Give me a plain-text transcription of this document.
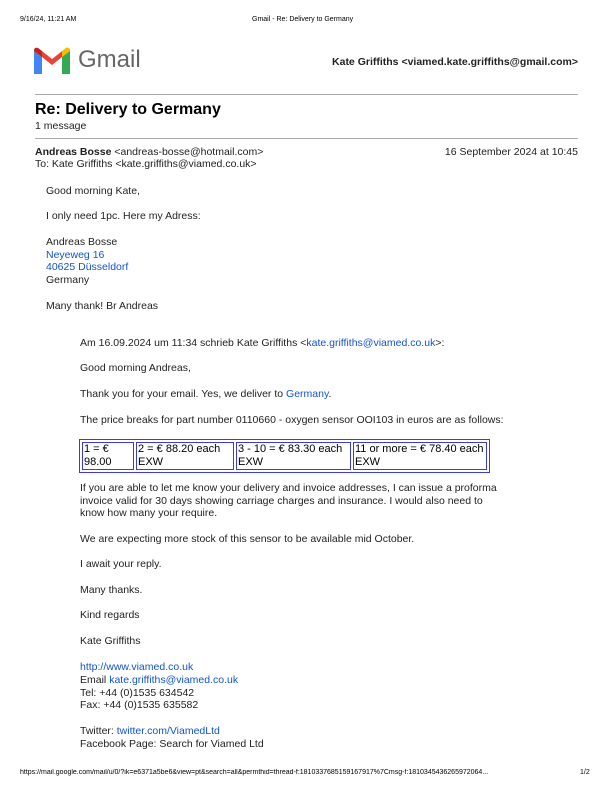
9/16/24, 11:21 AM	Gmail - Re: Delivery to Germany
Gmail	Kate Griffiths <viamed.kate.griffiths@gmail.com>
Re: Delivery to Germany
1 message
Andreas Bosse <andreas-bosse@hotmail.com>	16 September 2024 at 10:45
To: Kate Griffiths <kate.griffiths@viamed.co.uk>
Good morning Kate,
I only need 1pc. Here my Adress:
Andreas Bosse
Neyeweg 16
40625 Düsseldorf
Germany
Many thank! Br Andreas
Am 16.09.2024 um 11:34 schrieb Kate Griffiths <kate.griffiths@viamed.co.uk>:
Good morning Andreas,
Thank you for your email. Yes, we deliver to Germany.
The price breaks for part number 0110660 - oxygen sensor OOI103 in euros are as follows:
1 = €
98.00

2 = € 88.20 each
EXW

3 - 10 = € 83.30 each
EXW

11 or more = € 78.40 each
EXW
If you are able to let me know your delivery and invoice addresses, I can issue a proforma
invoice valid for 30 days showing carriage charges and insurance. I would also need to
know how many your require.
We are expecting more stock of this sensor to be available mid October.
I await your reply.
Many thanks.
Kind regards
Kate Griffiths
http://www.viamed.co.uk
Email kate.griffiths@viamed.co.uk
Tel: +44 (0)1535 634542
Fax: +44 (0)1535 635582
Twitter: twitter.com/ViamedLtd
Facebook Page: Search for Viamed Ltd
https://mail.google.com/mail/u/0/?ik=e6371a5be6&view=pt&search=all&permthid=thread-f:1810337685159167917%7Cmsg-f:1810345436265972064...	1/2
